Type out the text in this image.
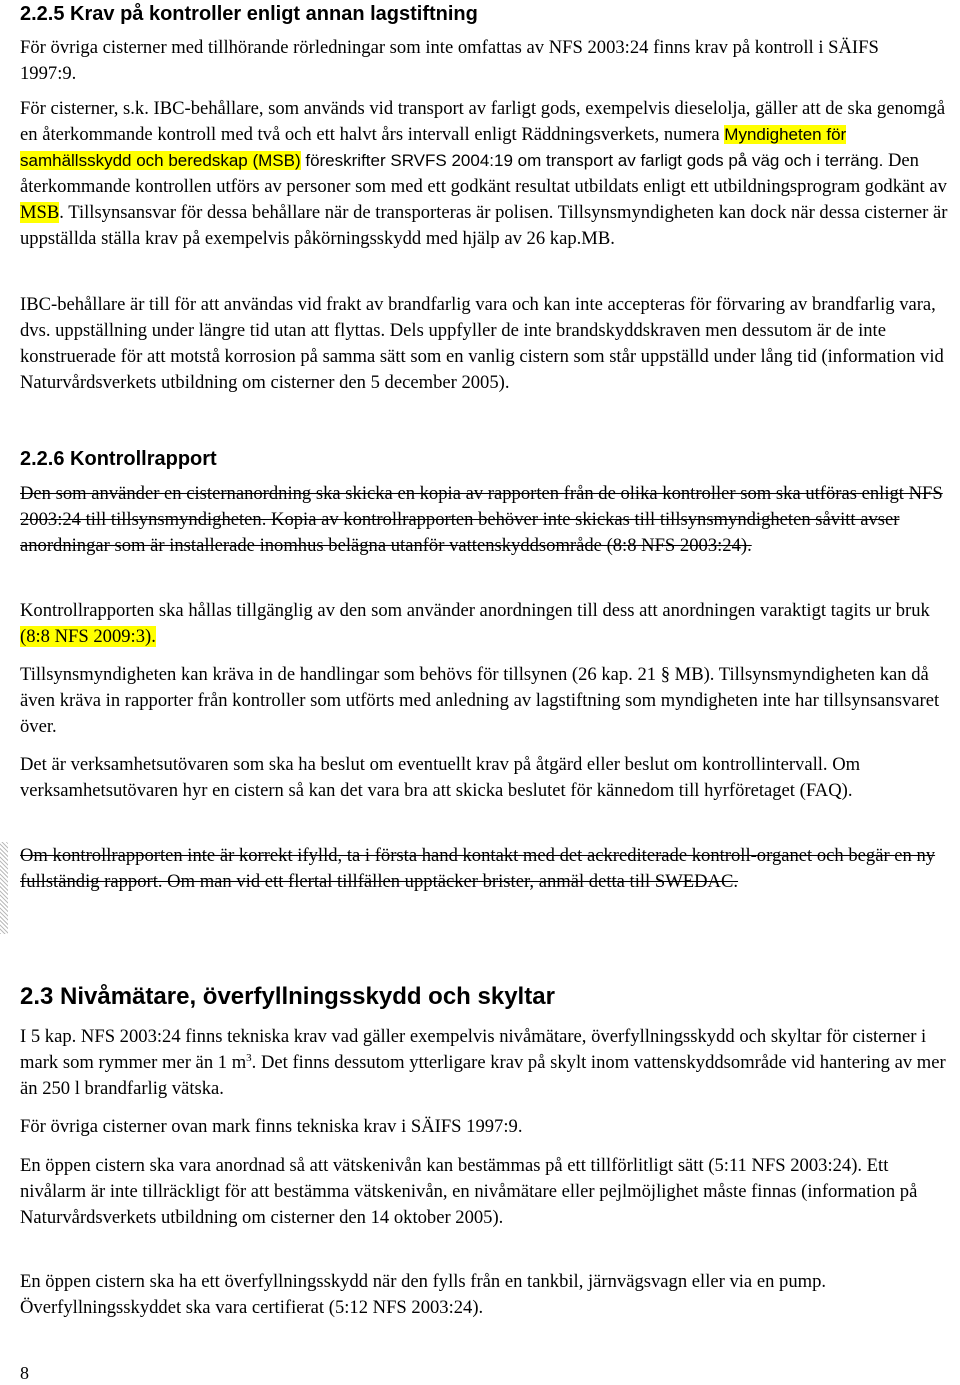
2.2.5 Krav på kontroller enligt annan lagstiftning

För övriga cisterner med tillhörande rörledningar som inte omfattas av NFS 2003:24 finns krav på kontroll i SÄIFS 1997:9.

För cisterner, s.k. IBC-behållare, som används vid transport av farligt gods, exempelvis dieselolja, gäller att de ska genomgå en återkommande kontroll med två och ett halvt års intervall enligt Räddningsverkets, numera Myndigheten för samhällsskydd och beredskap (MSB) föreskrifter SRVFS 2004:19 om transport av farligt gods på väg och i terräng. Den återkommande kontrollen utförs av personer som med ett godkänt resultat utbildats enligt ett utbildningsprogram godkänt av MSB. Tillsynsansvar för dessa behållare när de transporteras är polisen. Tillsynsmyndigheten kan dock när dessa cisterner är uppställda ställa krav på exempelvis påkörningsskydd med hjälp av 26 kap.MB.

IBC-behållare är till för att användas vid frakt av brandfarlig vara och kan inte accepteras för förvaring av brandfarlig vara, dvs. uppställning under längre tid utan att flyttas. Dels uppfyller de inte brandskyddskraven men dessutom är de inte konstruerade för att motstå korrosion på samma sätt som en vanlig cistern som står uppställd under lång tid (information vid Naturvårdsverkets utbildning om cisterner den 5 december 2005).

2.2.6 Kontrollrapport

Den som använder en cisternanordning ska skicka en kopia av rapporten från de olika kontroller som ska utföras enligt NFS 2003:24 till tillsynsmyndigheten. Kopia av kontrollrapporten behöver inte skickas till tillsynsmyndigheten såvitt avser anordningar som är installerade inomhus belägna utanför vattenskyddsområde (8:8 NFS 2003:24).

Kontrollrapporten ska hållas tillgänglig av den som använder anordningen till dess att anordningen varaktigt tagits ur bruk (8:8 NFS 2009:3).

Tillsynsmyndigheten kan kräva in de handlingar som behövs för tillsynen (26 kap. 21 § MB). Tillsynsmyndigheten kan då även kräva in rapporter från kontroller som utförts med anledning av lagstiftning som myndigheten inte har tillsynsansvaret över.

Det är verksamhetsutövaren som ska ha beslut om eventuellt krav på åtgärd eller beslut om kontrollintervall. Om verksamhetsutövaren hyr en cistern så kan det vara bra att skicka beslutet för kännedom till hyrföretaget (FAQ).

Om kontrollrapporten inte är korrekt ifylld, ta i första hand kontakt med det ackrediterade kontroll-organet och begär en ny fullständig rapport. Om man vid ett flertal tillfällen upptäcker brister, anmäl detta till SWEDAC.

2.3 Nivåmätare, överfyllningsskydd och skyltar

I 5 kap. NFS 2003:24 finns tekniska krav vad gäller exempelvis nivåmätare, överfyllningsskydd och skyltar för cisterner i mark som rymmer mer än 1 $m^3$. Det finns dessutom ytterligare krav på skylt inom vattenskyddsområde vid hantering av mer än 250 l brandfarlig vätska.

För övriga cisterner ovan mark finns tekniska krav i SÄIFS 1997:9.

En öppen cistern ska vara anordnad så att vätskenivån kan bestämmas på ett tillförlitligt sätt (5:11 NFS 2003:24). Ett nivålarm är inte tillräckligt för att bestämma vätskenivån, en nivåmätare eller pejlmöjlighet måste finnas (information på Naturvårdsverkets utbildning om cisterner den 14 oktober 2005).

En öppen cistern ska ha ett överfyllningsskydd när den fylls från en tankbil, järnvägsvagn eller via en pump. Överfyllningsskyddet ska vara certifierat (5:12 NFS 2003:24).

8
